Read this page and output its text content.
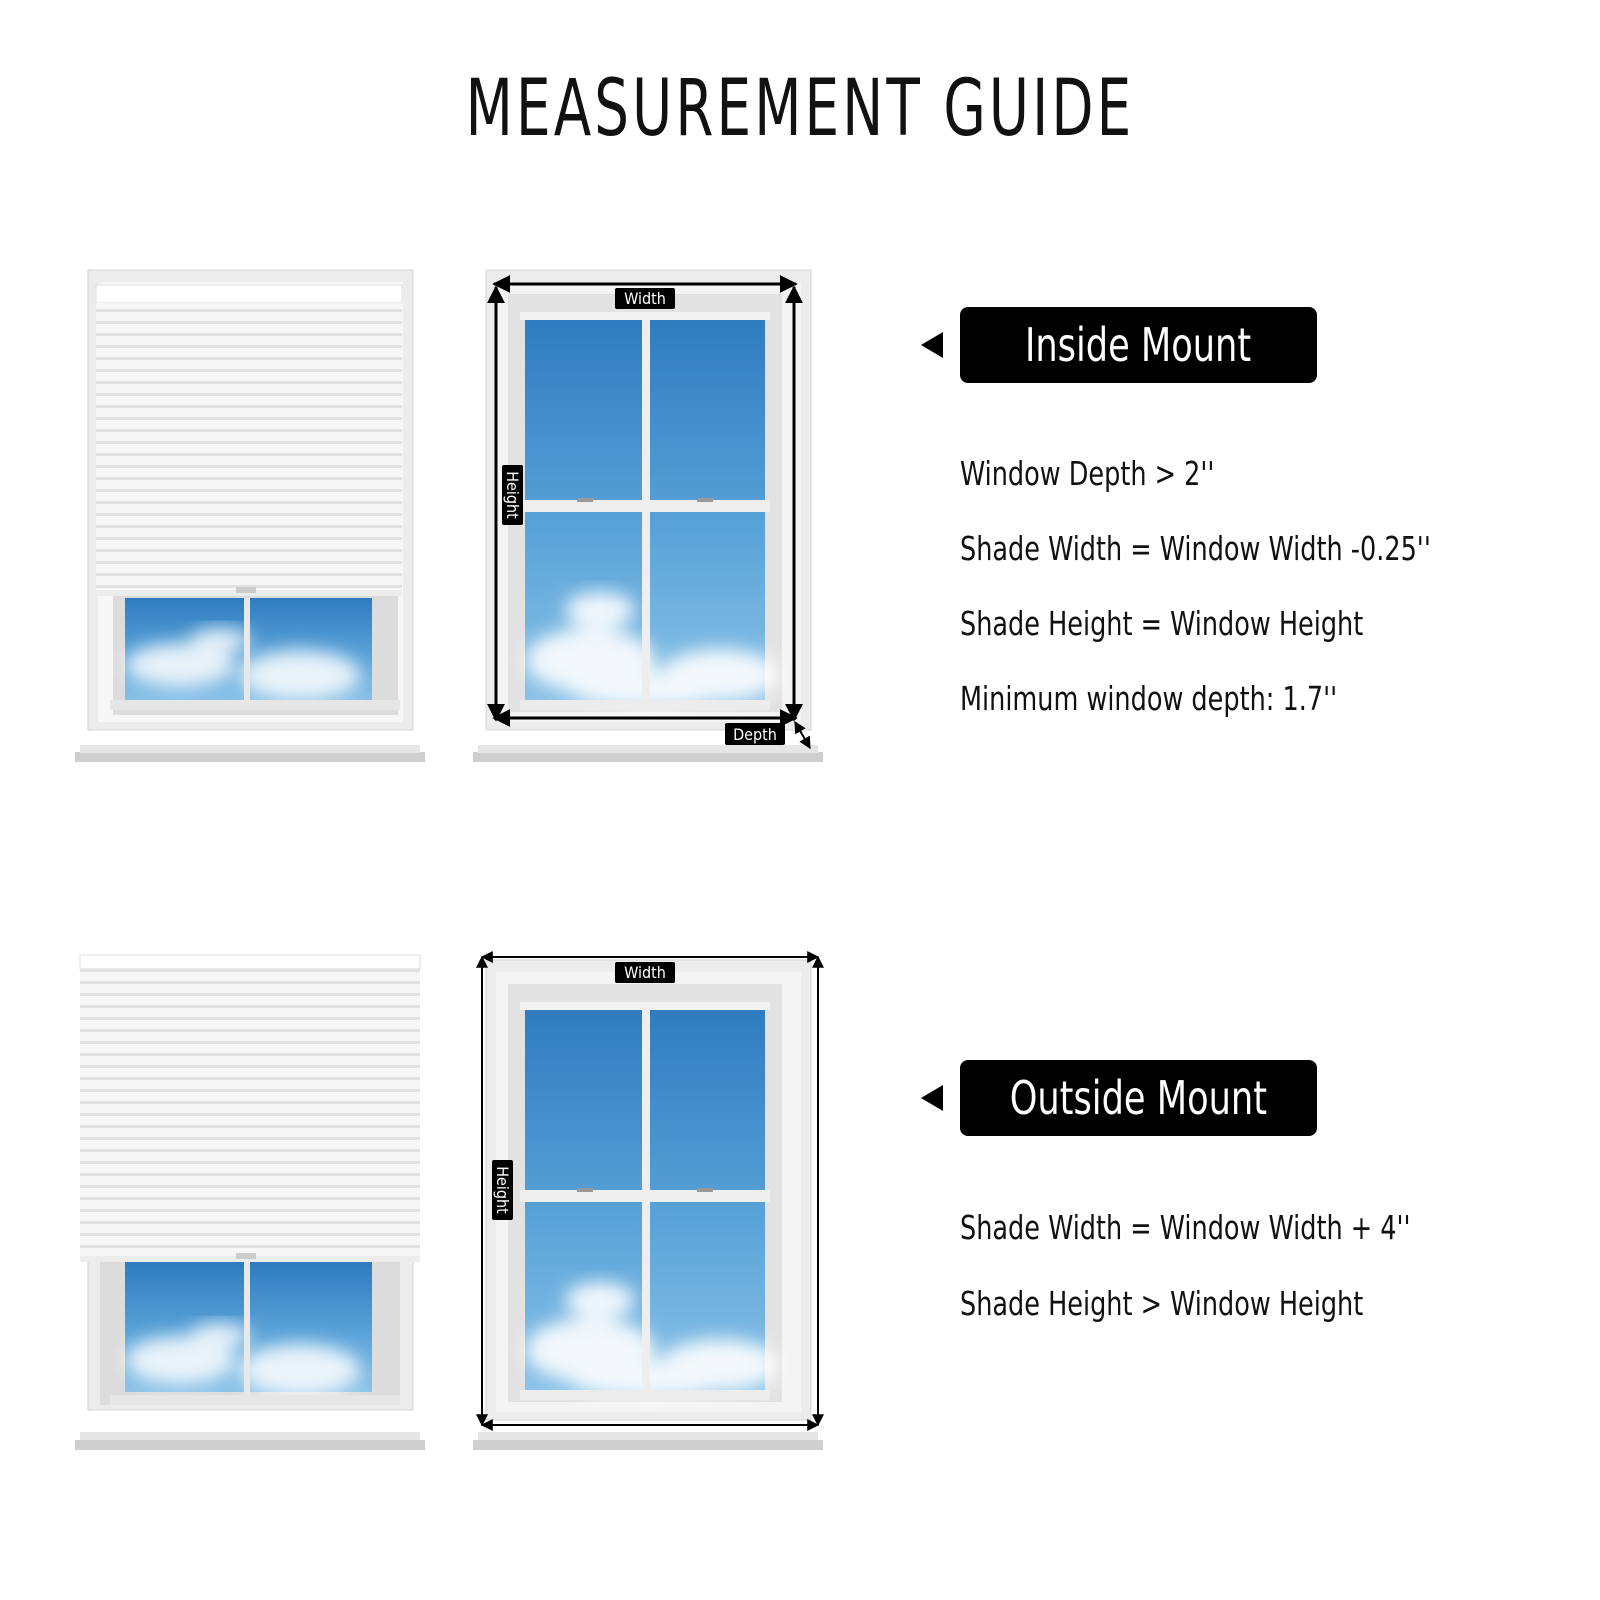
MEASUREMENT GUIDE
Width
Height
Depth
Width
Height
Inside Mount
Window Depth > 2''
Shade Width = Window Width -0.25''
Shade Height = Window Height
Minimum window depth: 1.7''
Outside Mount
Shade Width = Window Width + 4''
Shade Height > Window Height
